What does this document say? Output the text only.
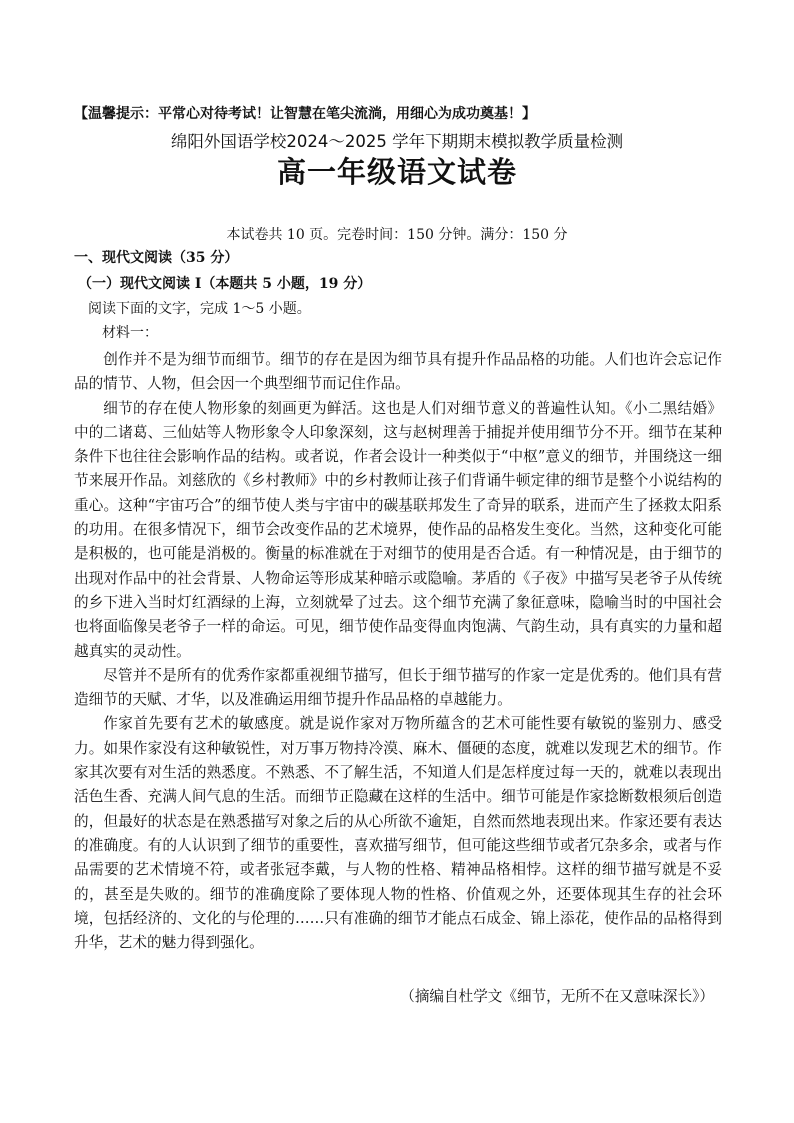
【温馨提示：平常心对待考试！让智慧在笔尖流淌，用细心为成功奠基！】
绵阳外国语学校2024～2025 学年下期期末模拟教学质量检测
高一年级语文试卷
本试卷共 10 页。完卷时间：150 分钟。满分：150 分
一、现代文阅读（35 分）
（一）现代文阅读 I（本题共 5 小题，19 分）
阅读下面的文字，完成 1～5 小题。
材料一：

创作并不是为细节而细节。细节的存在是因为细节具有提升作品品格的功能。人们也许会忘记作品的情节、人物，但会因一个典型细节而记住作品。

细节的存在使人物形象的刻画更为鲜活。这也是人们对细节意义的普遍性认知。《小二黑结婚》中的二诸葛、三仙姑等人物形象令人印象深刻，这与赵树理善于捕捉并使用细节分不开。细节在某种条件下也往往会影响作品的结构。或者说，作者会设计一种类似于“中枢”意义的细节，并围绕这一细节来展开作品。刘慈欣的《乡村教师》中的乡村教师让孩子们背诵牛顿定律的细节是整个小说结构的重心。这种“宇宙巧合”的细节使人类与宇宙中的碳基联邦发生了奇异的联系，进而产生了拯救太阳系的功用。在很多情况下，细节会改变作品的艺术境界，使作品的品格发生变化。当然，这种变化可能是积极的，也可能是消极的。衡量的标准就在于对细节的使用是否合适。有一种情况是，由于细节的出现对作品中的社会背景、人物命运等形成某种暗示或隐喻。茅盾的《子夜》中描写吴老爷子从传统的乡下进入当时灯红酒绿的上海，立刻就晕了过去。这个细节充满了象征意味，隐喻当时的中国社会也将面临像吴老爷子一样的命运。可见，细节使作品变得血肉饱满、气韵生动，具有真实的力量和超越真实的灵动性。

尽管并不是所有的优秀作家都重视细节描写，但长于细节描写的作家一定是优秀的。他们具有营造细节的天赋、才华，以及准确运用细节提升作品品格的卓越能力。

作家首先要有艺术的敏感度。就是说作家对万物所蕴含的艺术可能性要有敏锐的鉴别力、感受力。如果作家没有这种敏锐性，对万事万物持冷漠、麻木、僵硬的态度，就难以发现艺术的细节。作家其次要有对生活的熟悉度。不熟悉、不了解生活，不知道人们是怎样度过每一天的，就难以表现出活色生香、充满人间气息的生活。而细节正隐藏在这样的生活中。细节可能是作家捻断数根须后创造的，但最好的状态是在熟悉描写对象之后的从心所欲不逾矩，自然而然地表现出来。作家还要有表达的准确度。有的人认识到了细节的重要性，喜欢描写细节，但可能这些细节或者冗杂多余，或者与作品需要的艺术情境不符，或者张冠李戴，与人物的性格、精神品格相悖。这样的细节描写就是不妥的，甚至是失败的。细节的准确度除了要体现人物的性格、价值观之外，还要体现其生存的社会环境，包括经济的、文化的与伦理的……只有准确的细节才能点石成金、锦上添花，使作品的品格得到升华，艺术的魅力得到强化。

（摘编自杜学文《细节，无所不在又意味深长》）
